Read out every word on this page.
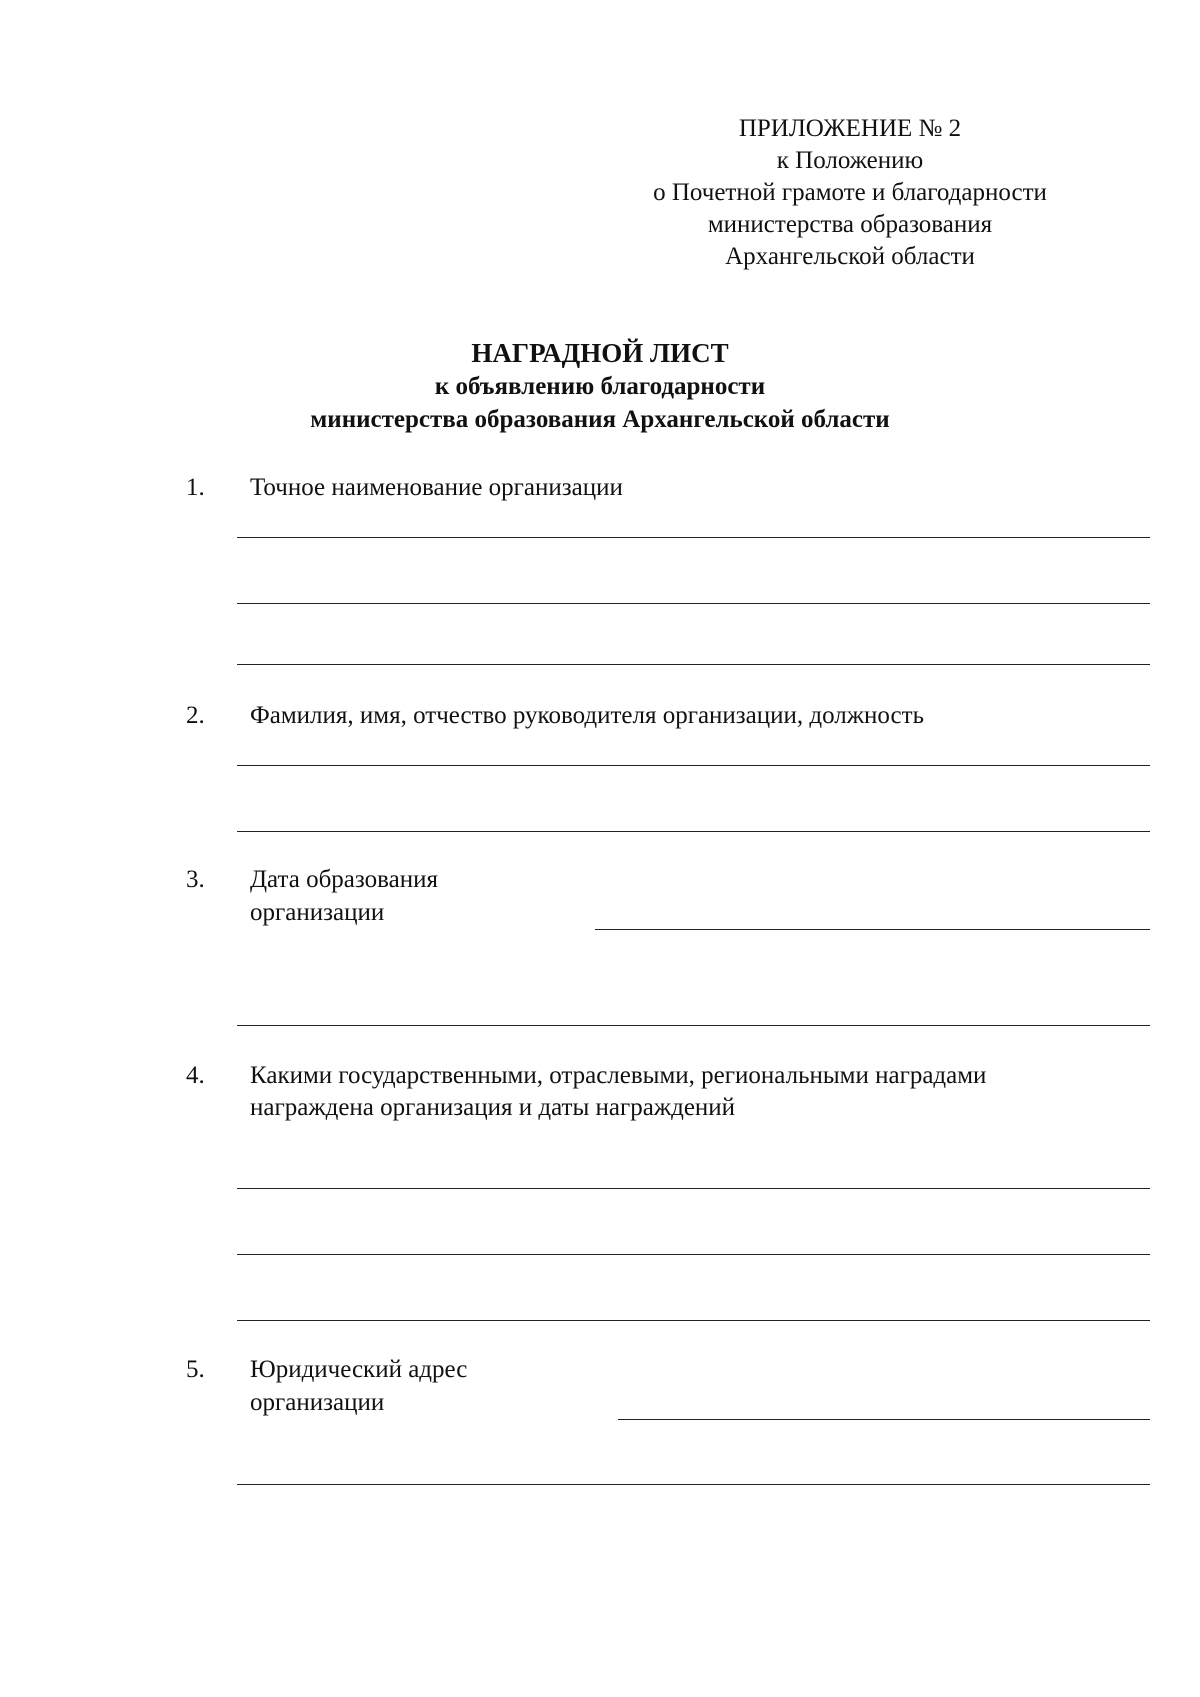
ПРИЛОЖЕНИЕ № 2
к Положению
о Почетной грамоте и благодарности
министерства образования
Архангельской области
НАГРАДНОЙ ЛИСТ
к объявлению благодарности
министерства образования Архангельской области
1. Точное наименование организации
2. Фамилия, имя, отчество руководителя организации, должность
3. Дата образования
организации
4. Какими государственными, отраслевыми, региональными наградами
награждена организация и даты награждений
5. Юридический адрес
организации
